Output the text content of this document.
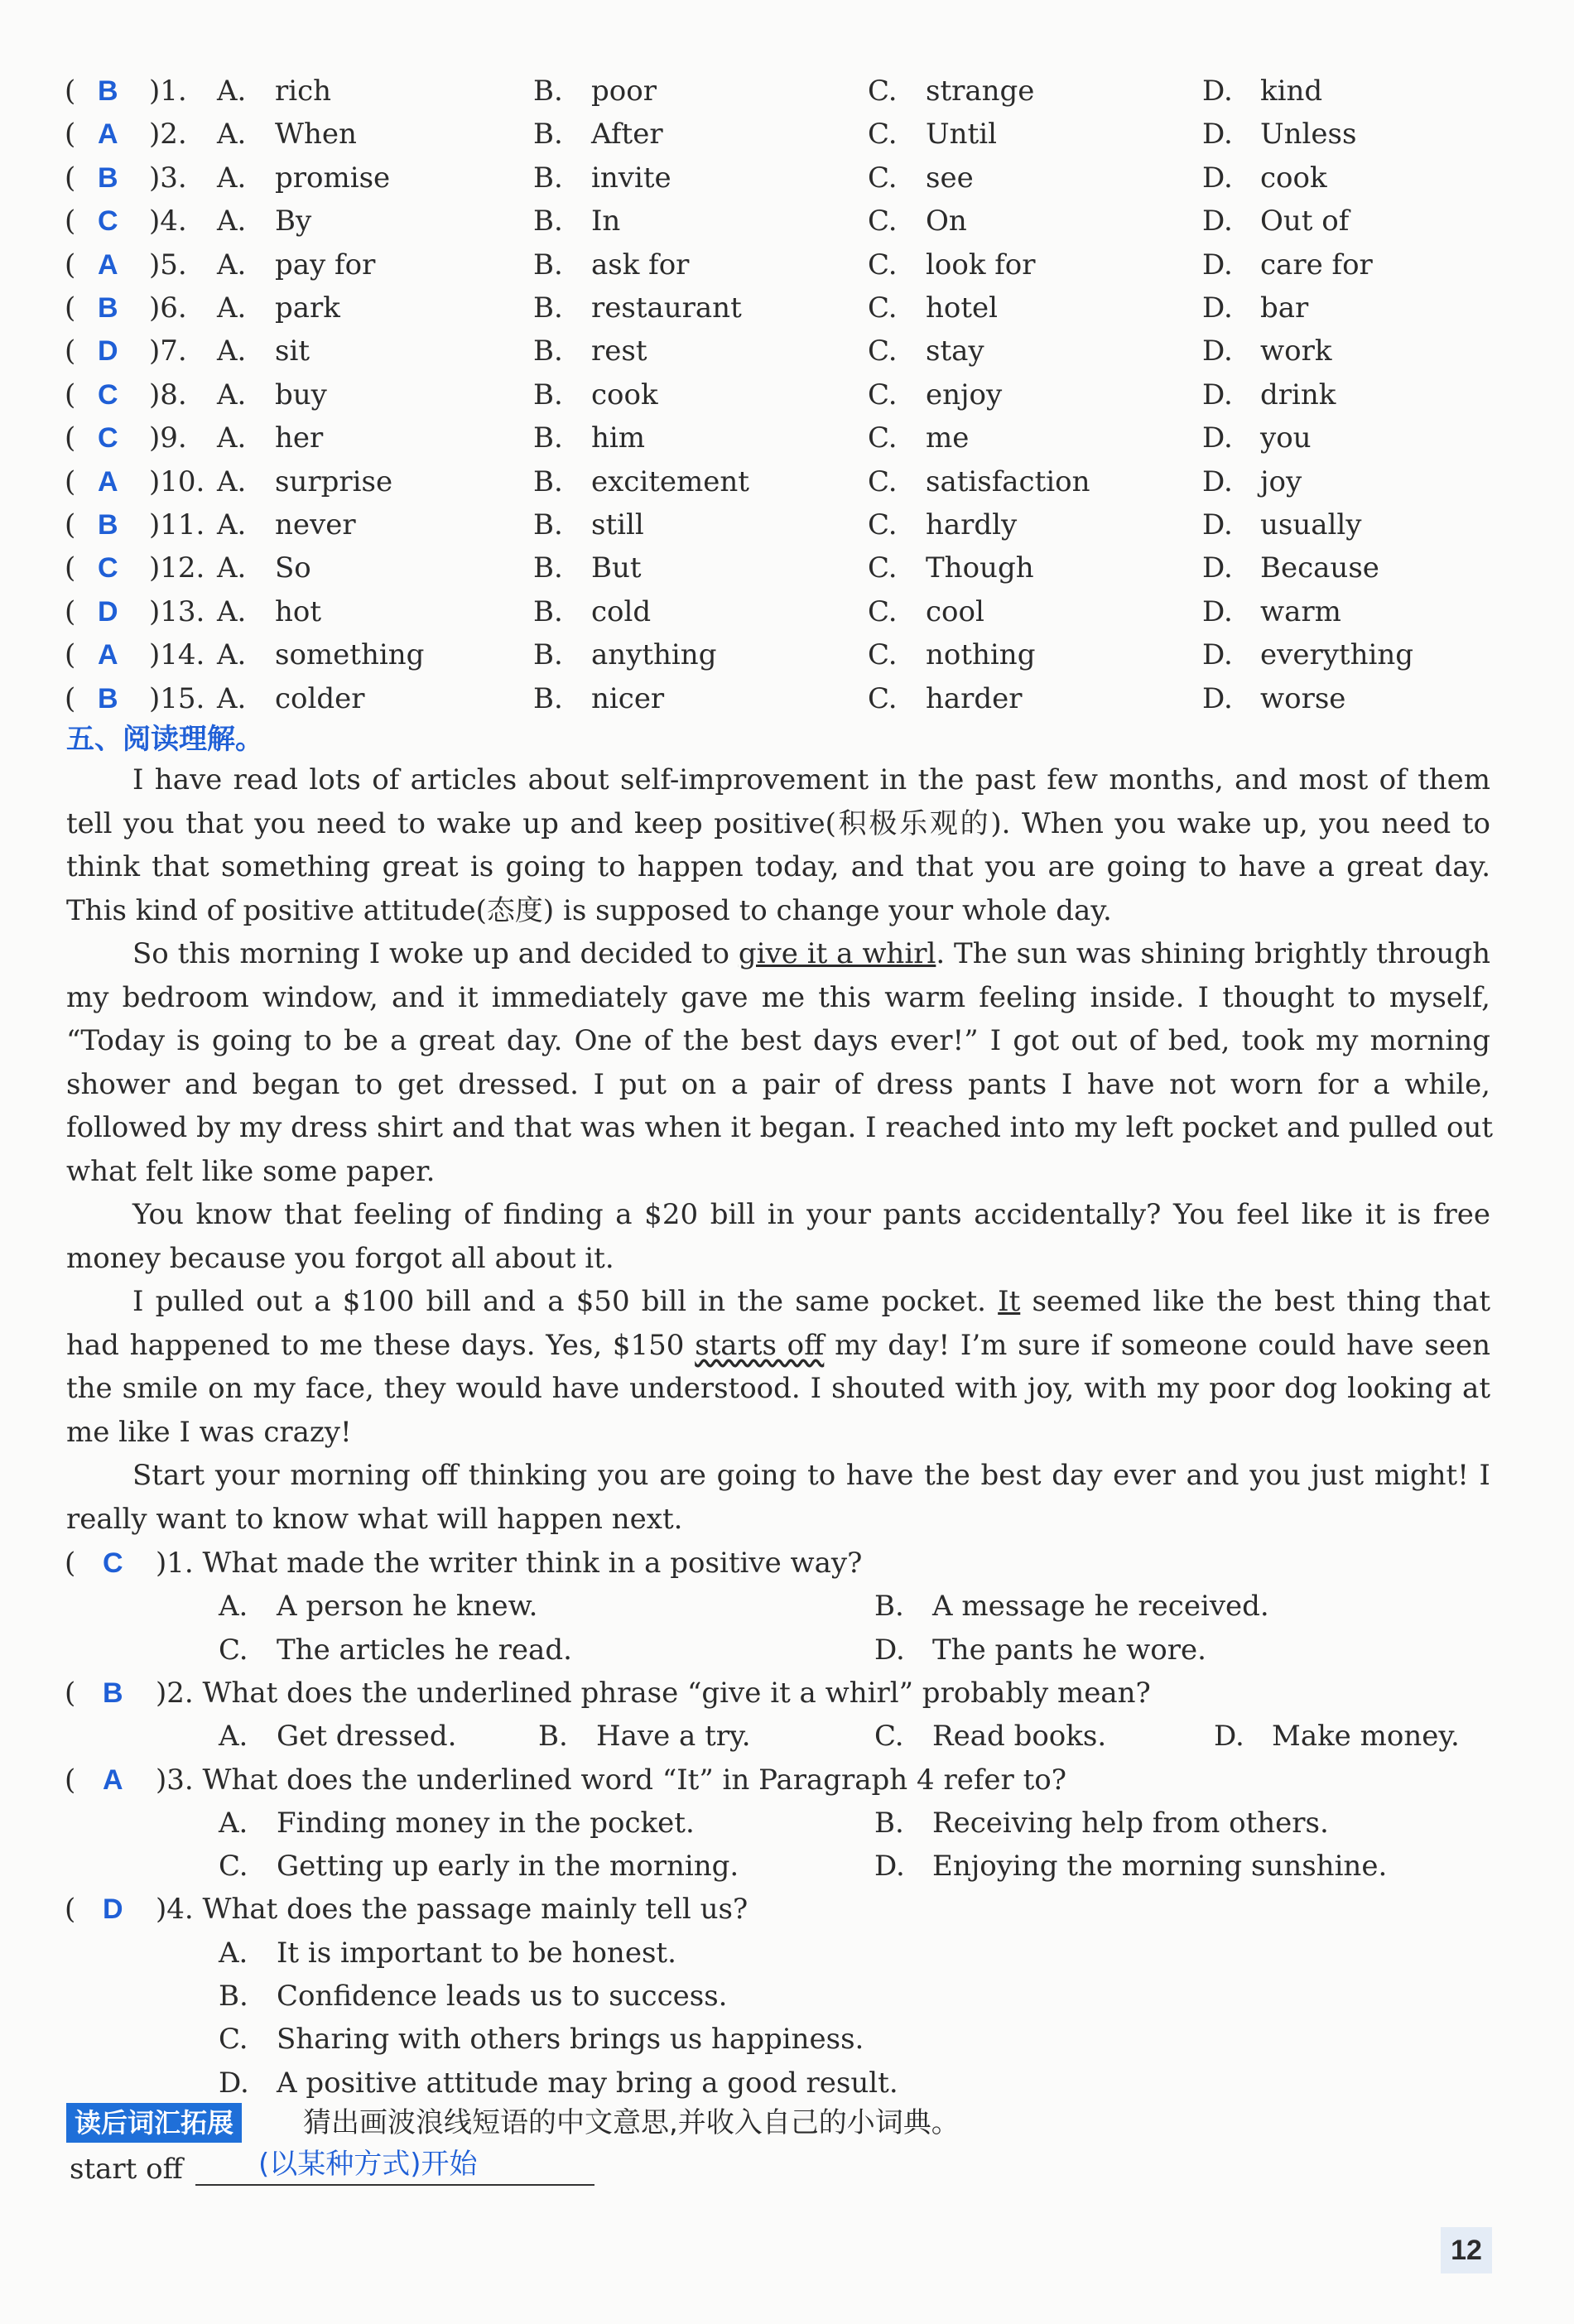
( B )1. A. rich	B. poor	C. strange	D. kind
( A )2. A. When	B. After	C. Until	D. Unless
( B )3. A. promise	B. invite	C. see	D. cook
( C )4. A. By	B. In	C. On	D. Out of
( A )5. A. pay for	B. ask for	C. look for	D. care for
( B )6. A. park	B. restaurant	C. hotel	D. bar
( D )7. A. sit	B. rest	C. stay	D. work
( C )8. A. buy	B. cook	C. enjoy	D. drink
( C )9. A. her	B. him	C. me	D. you
( A )10. A. surprise	B. excitement	C. satisfaction	D. joy
( B )11. A. never	B. still	C. hardly	D. usually
( C )12. A. So	B. But	C. Though	D. Because
( D )13. A. hot	B. cold	C. cool	D. warm
( A )14. A. something	B. anything	C. nothing	D. everything
( B )15. A. colder	B. nicer	C. harder	D. worse
五、阅读理解。
I have read lots of articles about self-improvement in the past few months, and most of them
tell you that you need to wake up and keep positive(积极乐观的). When you wake up, you need to
think that something great is going to happen today, and that you are going to have a great day.
This kind of positive attitude(态度) is supposed to change your whole day.
So this morning I woke up and decided to give it a whirl. The sun was shining brightly through
my bedroom window, and it immediately gave me this warm feeling inside. I thought to myself,
“Today is going to be a great day. One of the best days ever!” I got out of bed, took my morning
shower and began to get dressed. I put on a pair of dress pants I have not worn for a while,
followed by my dress shirt and that was when it began. I reached into my left pocket and pulled out
what felt like some paper.
You know that feeling of finding a $20 bill in your pants accidentally? You feel like it is free
money because you forgot all about it.
I pulled out a $100 bill and a $50 bill in the same pocket. It seemed like the best thing that
had happened to me these days. Yes, $150 starts off my day! I’m sure if someone could have seen
the smile on my face, they would have understood. I shouted with joy, with my poor dog looking at
me like I was crazy!
Start your morning off thinking you are going to have the best day ever and you just might! I
really want to know what will happen next.
( C )1. What made the writer think in a positive way?
A. A person he knew.	B. A message he received.
C. The articles he read.	D. The pants he wore.
( B )2. What does the underlined phrase “give it a whirl” probably mean?
A. Get dressed.	B. Have a try.	C. Read books.	D. Make money.
( A )3. What does the underlined word “It” in Paragraph 4 refer to?
A. Finding money in the pocket.	B. Receiving help from others.
C. Getting up early in the morning.	D. Enjoying the morning sunshine.
( D )4. What does the passage mainly tell us?
A. It is important to be honest.
B. Confidence leads us to success.
C. Sharing with others brings us happiness.
D. A positive attitude may bring a good result.
读后词汇拓展 猜出画波浪线短语的中文意思,并收入自己的小词典。
start off	(以某种方式)开始
12
